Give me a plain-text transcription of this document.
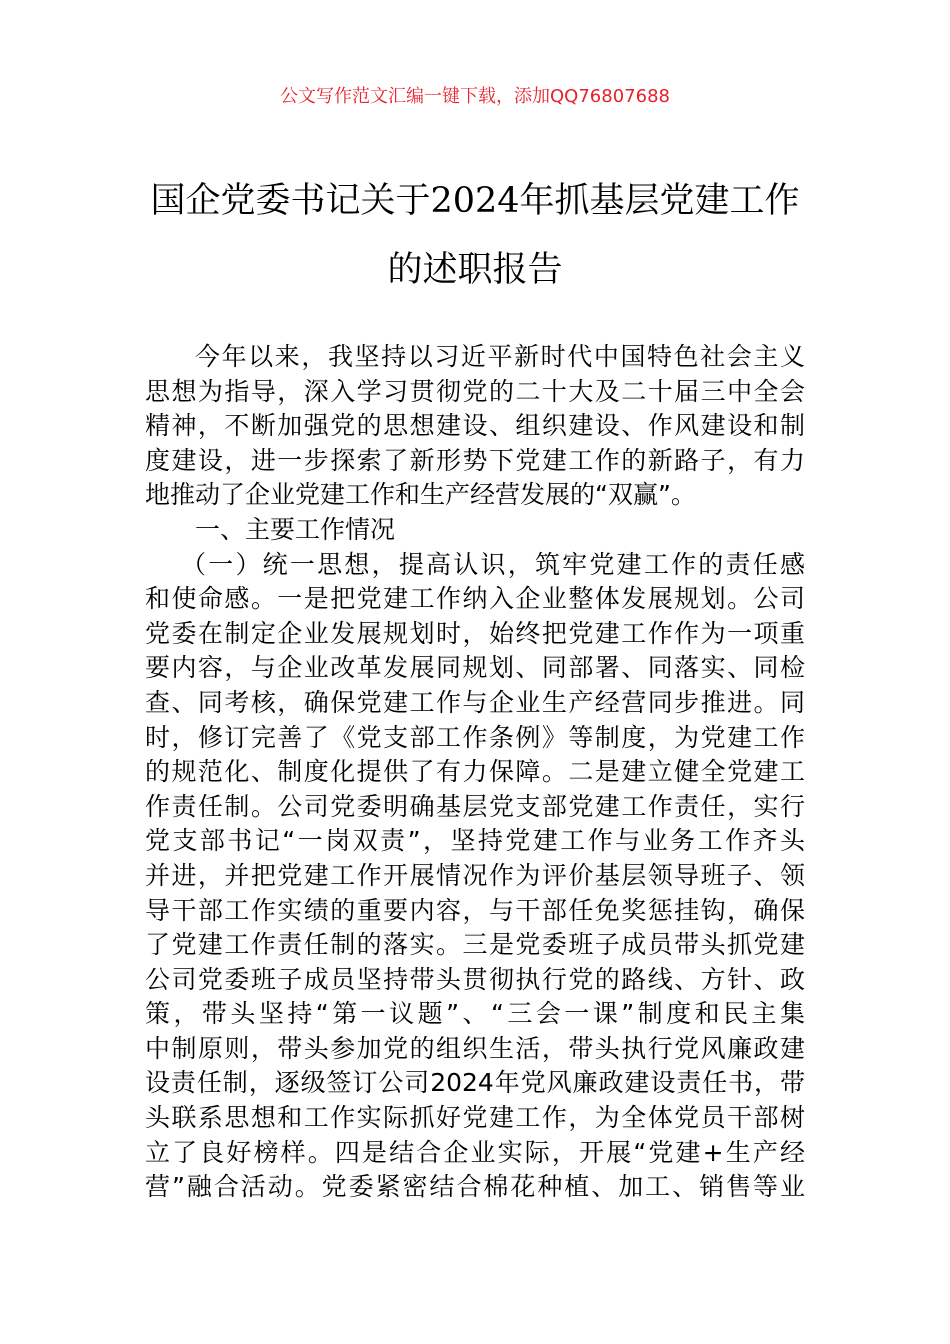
公文写作范文汇编一键下载，添加QQ76807688
国企党委书记关于2024年抓基层党建工作
的述职报告
今年以来，我坚持以习近平新时代中国特色社会主义
思想为指导，深入学习贯彻党的二十大及二十届三中全会
精神，不断加强党的思想建设、组织建设、作风建设和制
度建设，进一步探索了新形势下党建工作的新路子，有力
地推动了企业党建工作和生产经营发展的“双赢”。
一、主要工作情况
（一）统一思想，提高认识，筑牢党建工作的责任感
和使命感。一是把党建工作纳入企业整体发展规划。公司
党委在制定企业发展规划时，始终把党建工作作为一项重
要内容，与企业改革发展同规划、同部署、同落实、同检
查、同考核，确保党建工作与企业生产经营同步推进。同
时，修订完善了《党支部工作条例》等制度，为党建工作
的规范化、制度化提供了有力保障。二是建立健全党建工
作责任制。公司党委明确基层党支部党建工作责任，实行
党支部书记“一岗双责”，坚持党建工作与业务工作齐头
并进，并把党建工作开展情况作为评价基层领导班子、领
导干部工作实绩的重要内容，与干部任免奖惩挂钩，确保
了党建工作责任制的落实。三是党委班子成员带头抓党建
公司党委班子成员坚持带头贯彻执行党的路线、方针、政
策，带头坚持“第一议题”、“三会一课”制度和民主集
中制原则，带头参加党的组织生活，带头执行党风廉政建
设责任制，逐级签订公司2024年党风廉政建设责任书，带
头联系思想和工作实际抓好党建工作，为全体党员干部树
立了良好榜样。四是结合企业实际，开展“党建+生产经
营”融合活动。党委紧密结合棉花种植、加工、销售等业
